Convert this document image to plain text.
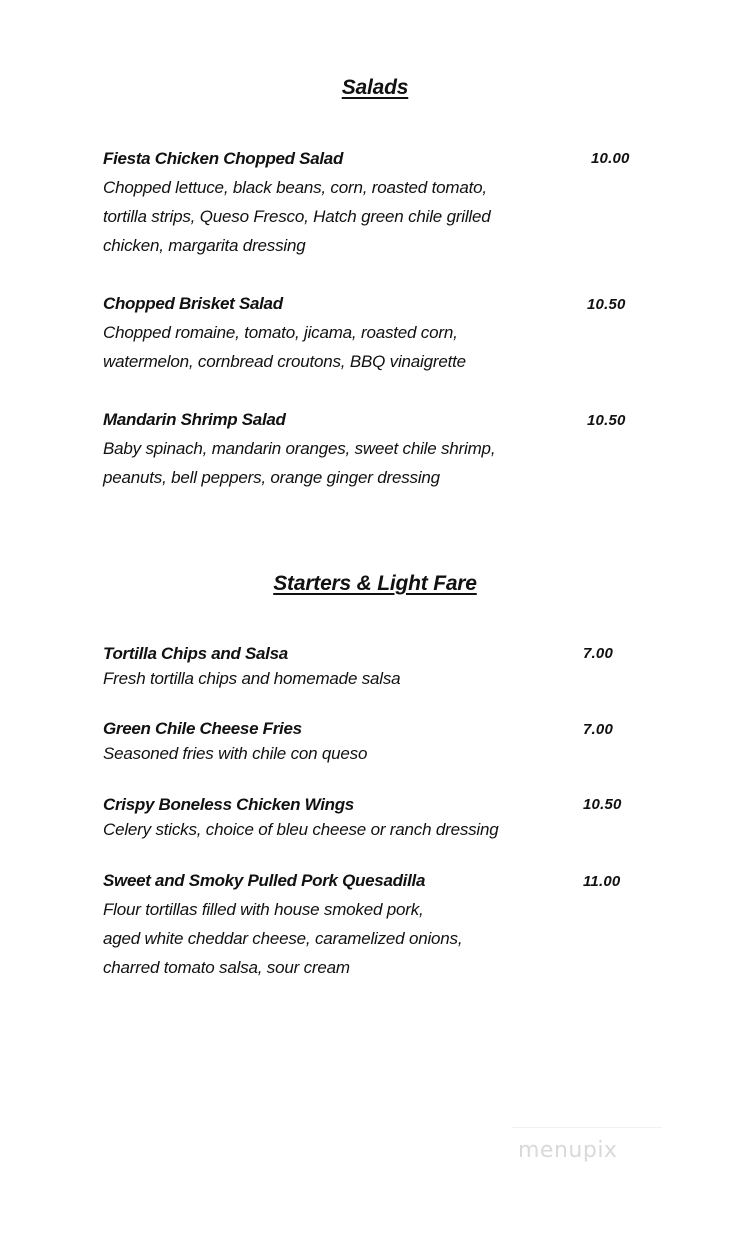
Salads
Fiesta Chicken Chopped Salad
Chopped lettuce, black beans, corn, roasted tomato,
tortilla strips, Queso Fresco, Hatch green chile grilled
chicken, margarita dressing

10.00

Chopped Brisket Salad
Chopped romaine, tomato, jicama, roasted corn,
watermelon, cornbread croutons, BBQ vinaigrette

10.50

Mandarin Shrimp Salad
Baby spinach, mandarin oranges, sweet chile shrimp,
peanuts, bell peppers, orange ginger dressing

10.50

Starters & Light Fare
Tortilla Chips and Salsa
Fresh tortilla chips and homemade salsa

7.00

Green Chile Cheese Fries
Seasoned fries with chile con queso

7.00

Crispy Boneless Chicken Wings
Celery sticks, choice of bleu cheese or ranch dressing

10.50

Sweet and Smoky Pulled Pork Quesadilla
Flour tortillas filled with house smoked pork,
aged white cheddar cheese, caramelized onions,
charred tomato salsa, sour cream

11.00

menupix
